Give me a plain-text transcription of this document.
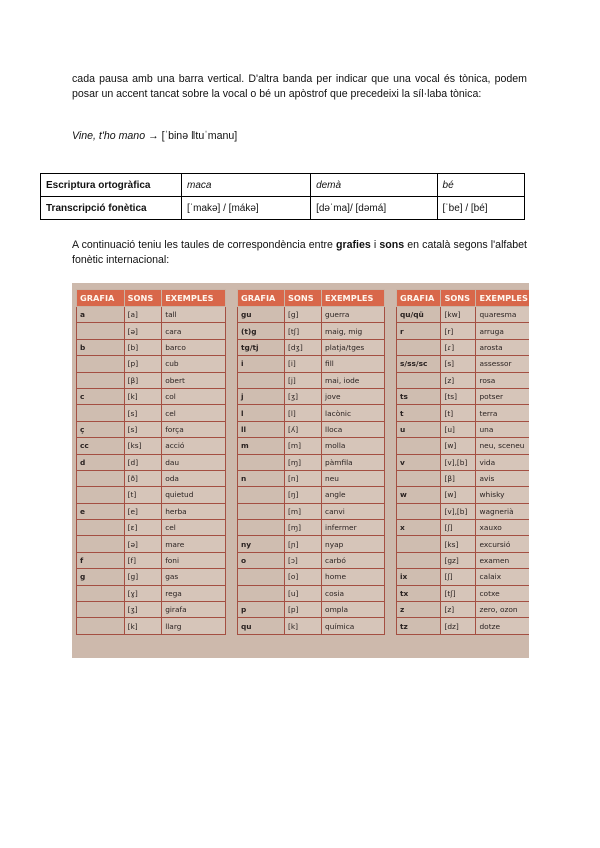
cada pausa amb una barra vertical. D'altra banda per indicar que una vocal és tònica, podem posar un accent tancat sobre la vocal o bé un apòstrof que precedeixi la síl·laba tònica:
Vine, t'ho mano → [ˈbinə ‖tuˈmanu]
Escriptura ortogràfica	maca	demà	bé
Transcripció fonètica	[ˈmakə] / [mákə]	[dəˈma]/ [dəmá]	[ˈbe] / [bé]
A continuació teniu les taules de correspondència entre grafies i sons en català segons l'alfabet fonètic internacional:
GRAFIA	SONS	EXEMPLES
a	[a]	tall
	[ə]	cara
b	[b]	barco
	[p]	cub
	[β]	obert
c	[k]	col
	[s]	cel
ç	[s]	força
cc	[ks]	acció
d	[d]	dau
	[ð]	oda
	[t]	quietud
e	[e]	herba
	[ɛ]	cel
	[ə]	mare
f	[f]	foni
g	[g]	gas
	[ɣ]	rega
	[ʒ]	girafa
	[k]	llarg
GRAFIA	SONS	EXEMPLES
gu	[g]	guerra
(t)g	[tʃ]	maig, mig
tg/tj	[dʒ]	platja/tges
i	[i]	fill
	[j]	mai, iode
j	[ʒ]	jove
l	[l]	lacònic
ll	[ʎ]	lloca
m	[m]	molla
	[ɱ]	pàmfila
n	[n]	neu
	[ŋ]	angle
	[m]	canvi
	[ɱ]	infermer
ny	[ɲ]	nyap
o	[ɔ]	carbó
	[o]	home
	[u]	cosia
p	[p]	ompla
qu	[k]	química
GRAFIA	SONS	EXEMPLES
qu/qü	[kw]	quaresma
r	[r]	arruga
	[ɾ]	arosta
s/ss/sc	[s]	assessor
	[z]	rosa
ts	[ts]	potser
t	[t]	terra
u	[u]	una
	[w]	neu, sceneu
v	[v],[b]	vida
	[β]	avis
w	[w]	whisky
	[v],[b]	wagnerià
x	[ʃ]	xauxo
	[ks]	excursió
	[gz]	examen
ix	[ʃ]	calaix
tx	[tʃ]	cotxe
z	[z]	zero, ozon
tz	[dz]	dotze
